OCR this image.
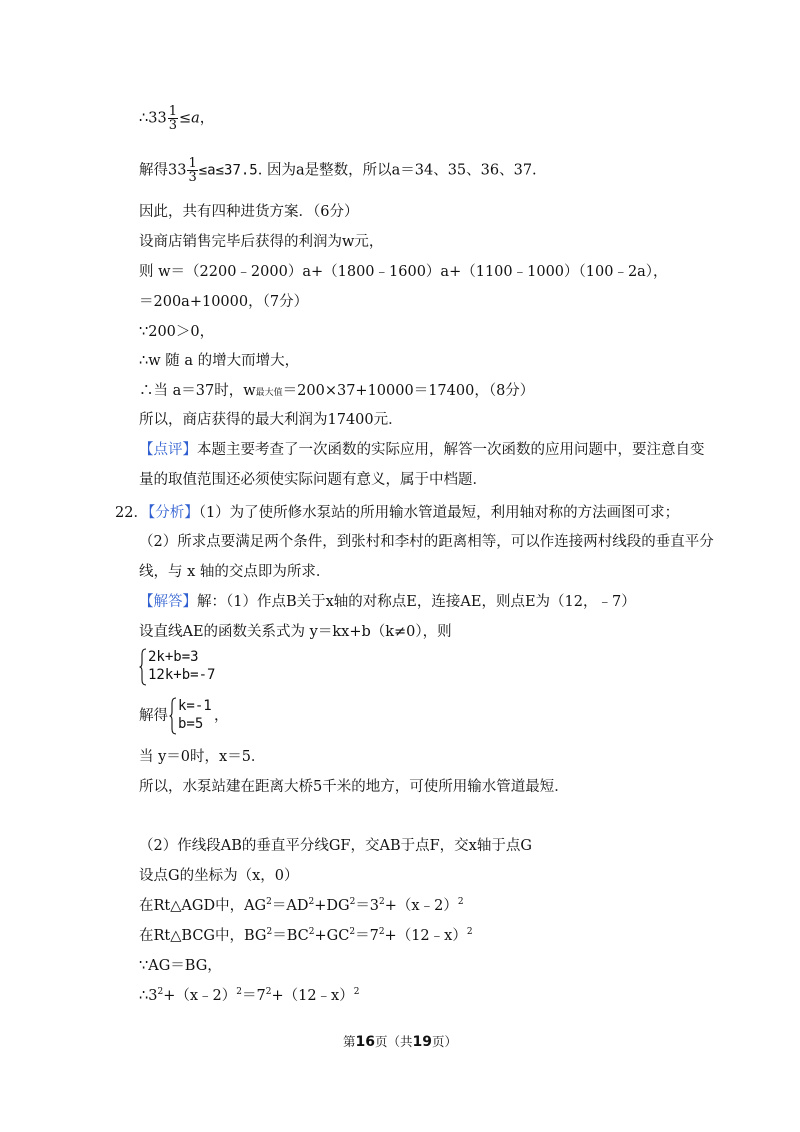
∴33 $\frac{1}{3} \le a$，
解得$33 \frac{1}{3} \le a\le 37.5$. 因为a是整数，所以a＝34、35、36、37.
因此，共有四种进货方案．（6分）
设商店销售完毕后获得的利润为w元，
则 w＝（2200﹣2000）a+（1800﹣1600）a+（1100﹣1000）（100﹣2a），
＝200a+10000，（7分）
∵200＞0，
∴w 随 a 的增大而增大，
∴当 a＝37时，w最大值＝200×37+10000＝17400，（8分）
所以，商店获得的最大利润为17400元．
【点评】本题主要考查了一次函数的实际应用，解答一次函数的应用问题中，要注意自变
量的取值范围还必须使实际问题有意义，属于中档题．
22．【分析】（1）为了使所修水泵站的所用输水管道最短，利用轴对称的方法画图可求；
（2）所求点要满足两个条件，到张村和李村的距离相等，可以作连接两村线段的垂直平分
线，与 x 轴的交点即为所求．
【解答】解：（1）作点B关于x轴的对称点E，连接AE，则点E为（12，﹣7）
设直线AE的函数关系式为 y＝kx+b（k≠0），则
2k+b=3
12k+b=-7
解得
k=-1
b=5 ，
当 y＝0时，x＝5．
所以，水泵站建在距离大桥5千米的地方，可使所用输水管道最短．
（2）作线段AB的垂直平分线GF，交AB于点F，交x轴于点G
设点G的坐标为（x，0）
在Rt△AGD中，$AG^2=AD^2+DG^2=3^2+(x﹣2)^2$
在Rt△BCG中，$BG^2=BC^2+GC^2=7^2+(12﹣x)^2$
∵AG＝BG，
$\therefore 3^2+(x﹣2)^2=7^2+(12﹣x)^2$
第16页（共19页）
